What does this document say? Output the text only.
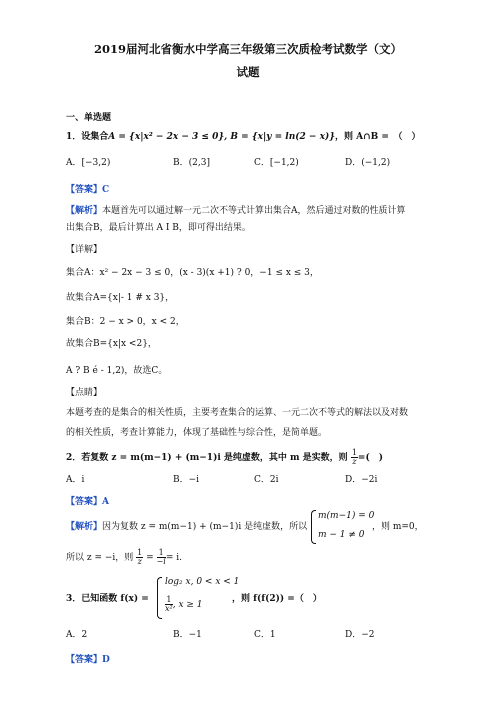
2019届河北省衡水中学高三年级第三次质检考试数学（文）
试题
一、单选题
1．设集合A = {x|x² − 2x − 3 ≤ 0}, B = {x|y = ln(2 − x)}，则 A∩B =　（　）
A．[−3,2)	B．(2,3]	C．[−1,2)	D．(−1,2)
【答案】C
【解析】本题首先可以通过解一元二次不等式计算出集合A，然后通过对数的性质计算
出集合B，最后计算出 A I B，即可得出结果。
【详解】
集合A：x² − 2x − 3 ≤ 0，(x - 3)(x +1) ? 0，−1 ≤ x ≤ 3，
故集合A={x|- 1 # x 3}，
集合B：2 − x > 0，x < 2，
故集合B={x|x <2}，
A ? B é - 1,2)，故选C。
【点睛】
本题考查的是集合的相关性质，主要考查集合的运算、一元二次不等式的解法以及对数
的相关性质，考查计算能力，体现了基础性与综合性，是简单题。
2．若复数 z = m(m−1) + (m−1)i 是纯虚数，其中 m 是实数，则 $\frac{1}{z}$ =(　)
A．i	B．−i	C．2i	D．−2i
【答案】A
【解析】因为复数 z = m(m−1) + (m−1)i 是纯虚数，所以
m(m−1) = 0
m − 1 ≠ 0
，则 m=0，
所以 z = −i，则 $\frac{1}{z} = \frac{1}{-i} = i$.
3．已知函数 f(x) =
log₂ x, 0 < x < 1
$\frac{1}{\text{x²}}$ , x ≥ 1
，则 f(f(2)) =（　）
A．2	B．−1	C．1	D．−2
【答案】D
